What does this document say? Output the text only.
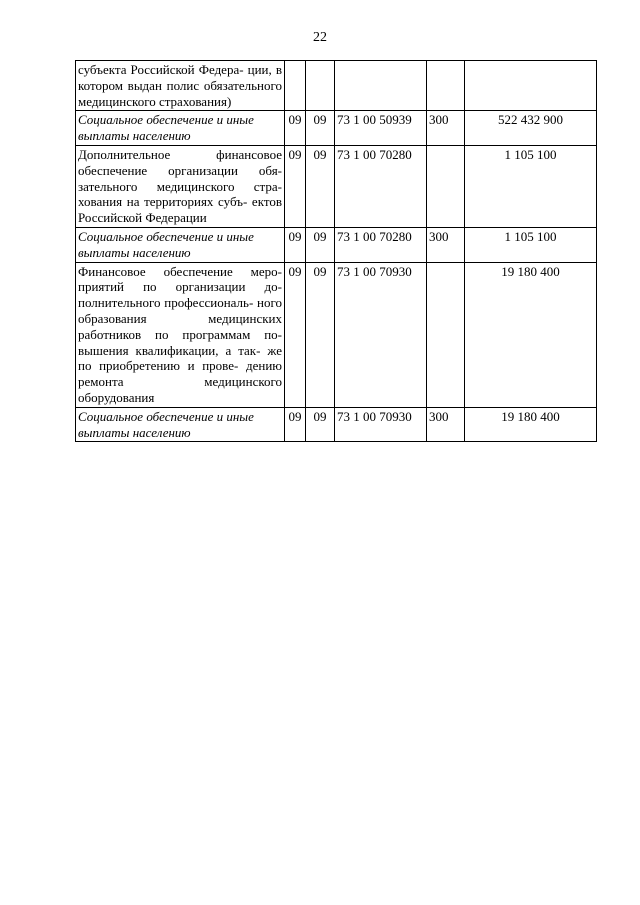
22
субъекта Российской Федера- ции, в котором выдан полис обязательного медицинского страхования)					
Социальное обеспечение и иные выплаты населению	09	09	73 1 00 50939	300	522 432 900
Дополнительное финансовое обеспечение организации обя- зательного медицинского стра- хования на территориях субъ- ектов Российской Федерации	09	09	73 1 00 70280		1 105 100
Социальное обеспечение и иные выплаты населению	09	09	73 1 00 70280	300	1 105 100
Финансовое обеспечение меро- приятий по организации до- полнительного профессиональ- ного образования медицинских работников по программам по- вышения квалификации, а так- же по приобретению и прове- дению ремонта медицинского оборудования	09	09	73 1 00 70930		19 180 400
Социальное обеспечение и иные выплаты населению	09	09	73 1 00 70930	300	19 180 400
